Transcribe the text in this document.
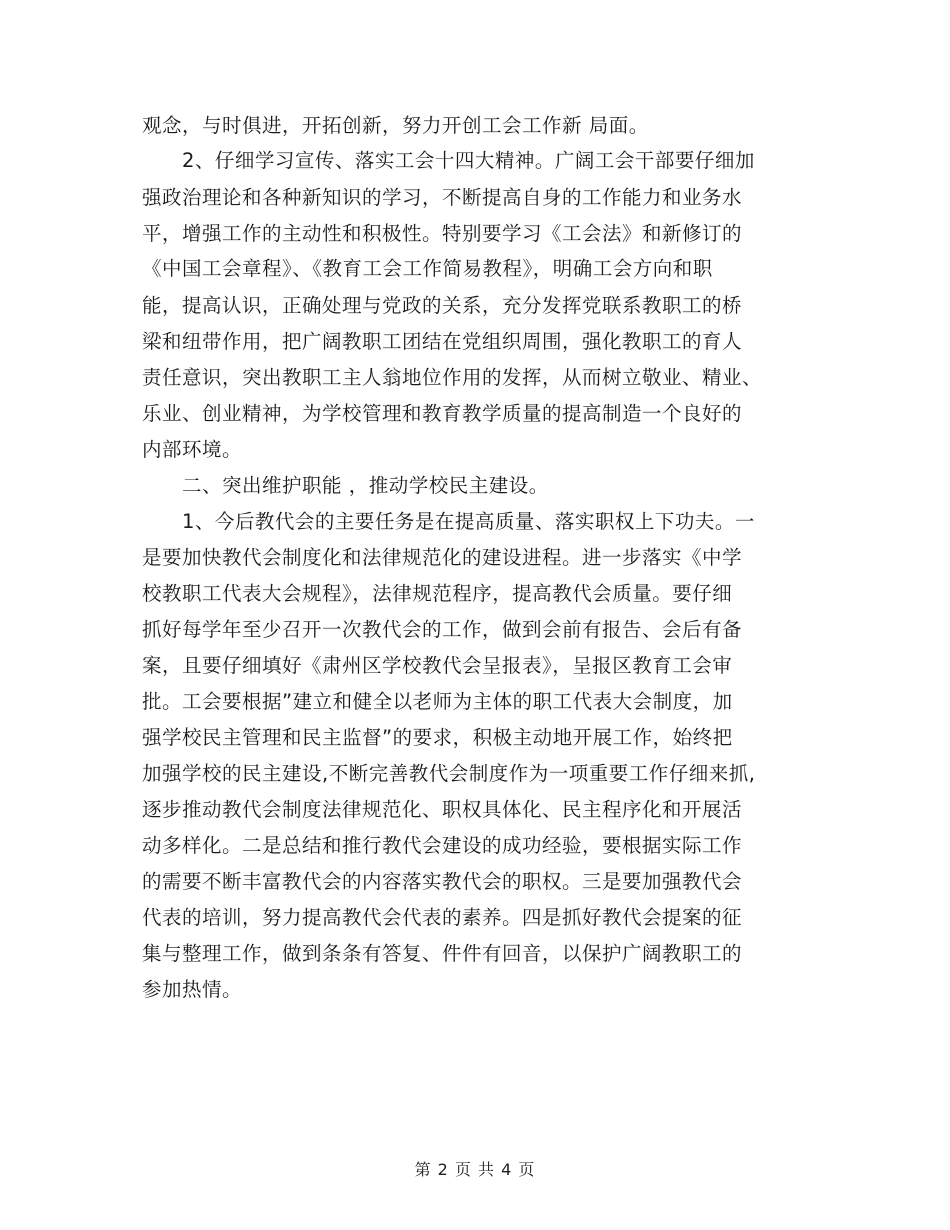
观念，与时俱进，开拓创新，努力开创工会工作新 局面。
　　2、仔细学习宣传、落实工会十四大精神。广阔工会干部要仔细加
强政治理论和各种新知识的学习，不断提高自身的工作能力和业务水
平，增强工作的主动性和积极性。特别要学习《工会法》和新修订的
《中国工会章程》、《教育工会工作简易教程》，明确工会方向和职
能，提高认识，正确处理与党政的关系，充分发挥党联系教职工的桥
梁和纽带作用，把广阔教职工团结在党组织周围，强化教职工的育人
责任意识，突出教职工主人翁地位作用的发挥，从而树立敬业、精业、
乐业、创业精神，为学校管理和教育教学质量的提高制造一个良好的
内部环境。
　　二、突出维护职能 ，推动学校民主建设。
　　1、今后教代会的主要任务是在提高质量、落实职权上下功夫。一
是要加快教代会制度化和法律规范化的建设进程。进一步落实《中学
校教职工代表大会规程》，法律规范程序，提高教代会质量。要仔细
抓好每学年至少召开一次教代会的工作，做到会前有报告、会后有备
案，且要仔细填好《肃州区学校教代会呈报表》，呈报区教育工会审
批。工会要根据”建立和健全以老师为主体的职工代表大会制度，加
强学校民主管理和民主监督”的要求，积极主动地开展工作，始终把
加强学校的民主建设,不断完善教代会制度作为一项重要工作仔细来抓,
逐步推动教代会制度法律规范化、职权具体化、民主程序化和开展活
动多样化。二是总结和推行教代会建设的成功经验，要根据实际工作
的需要不断丰富教代会的内容落实教代会的职权。三是要加强教代会
代表的培训，努力提高教代会代表的素养。四是抓好教代会提案的征
集与整理工作，做到条条有答复、件件有回音，以保护广阔教职工的
参加热情。
第 2 页 共 4 页
